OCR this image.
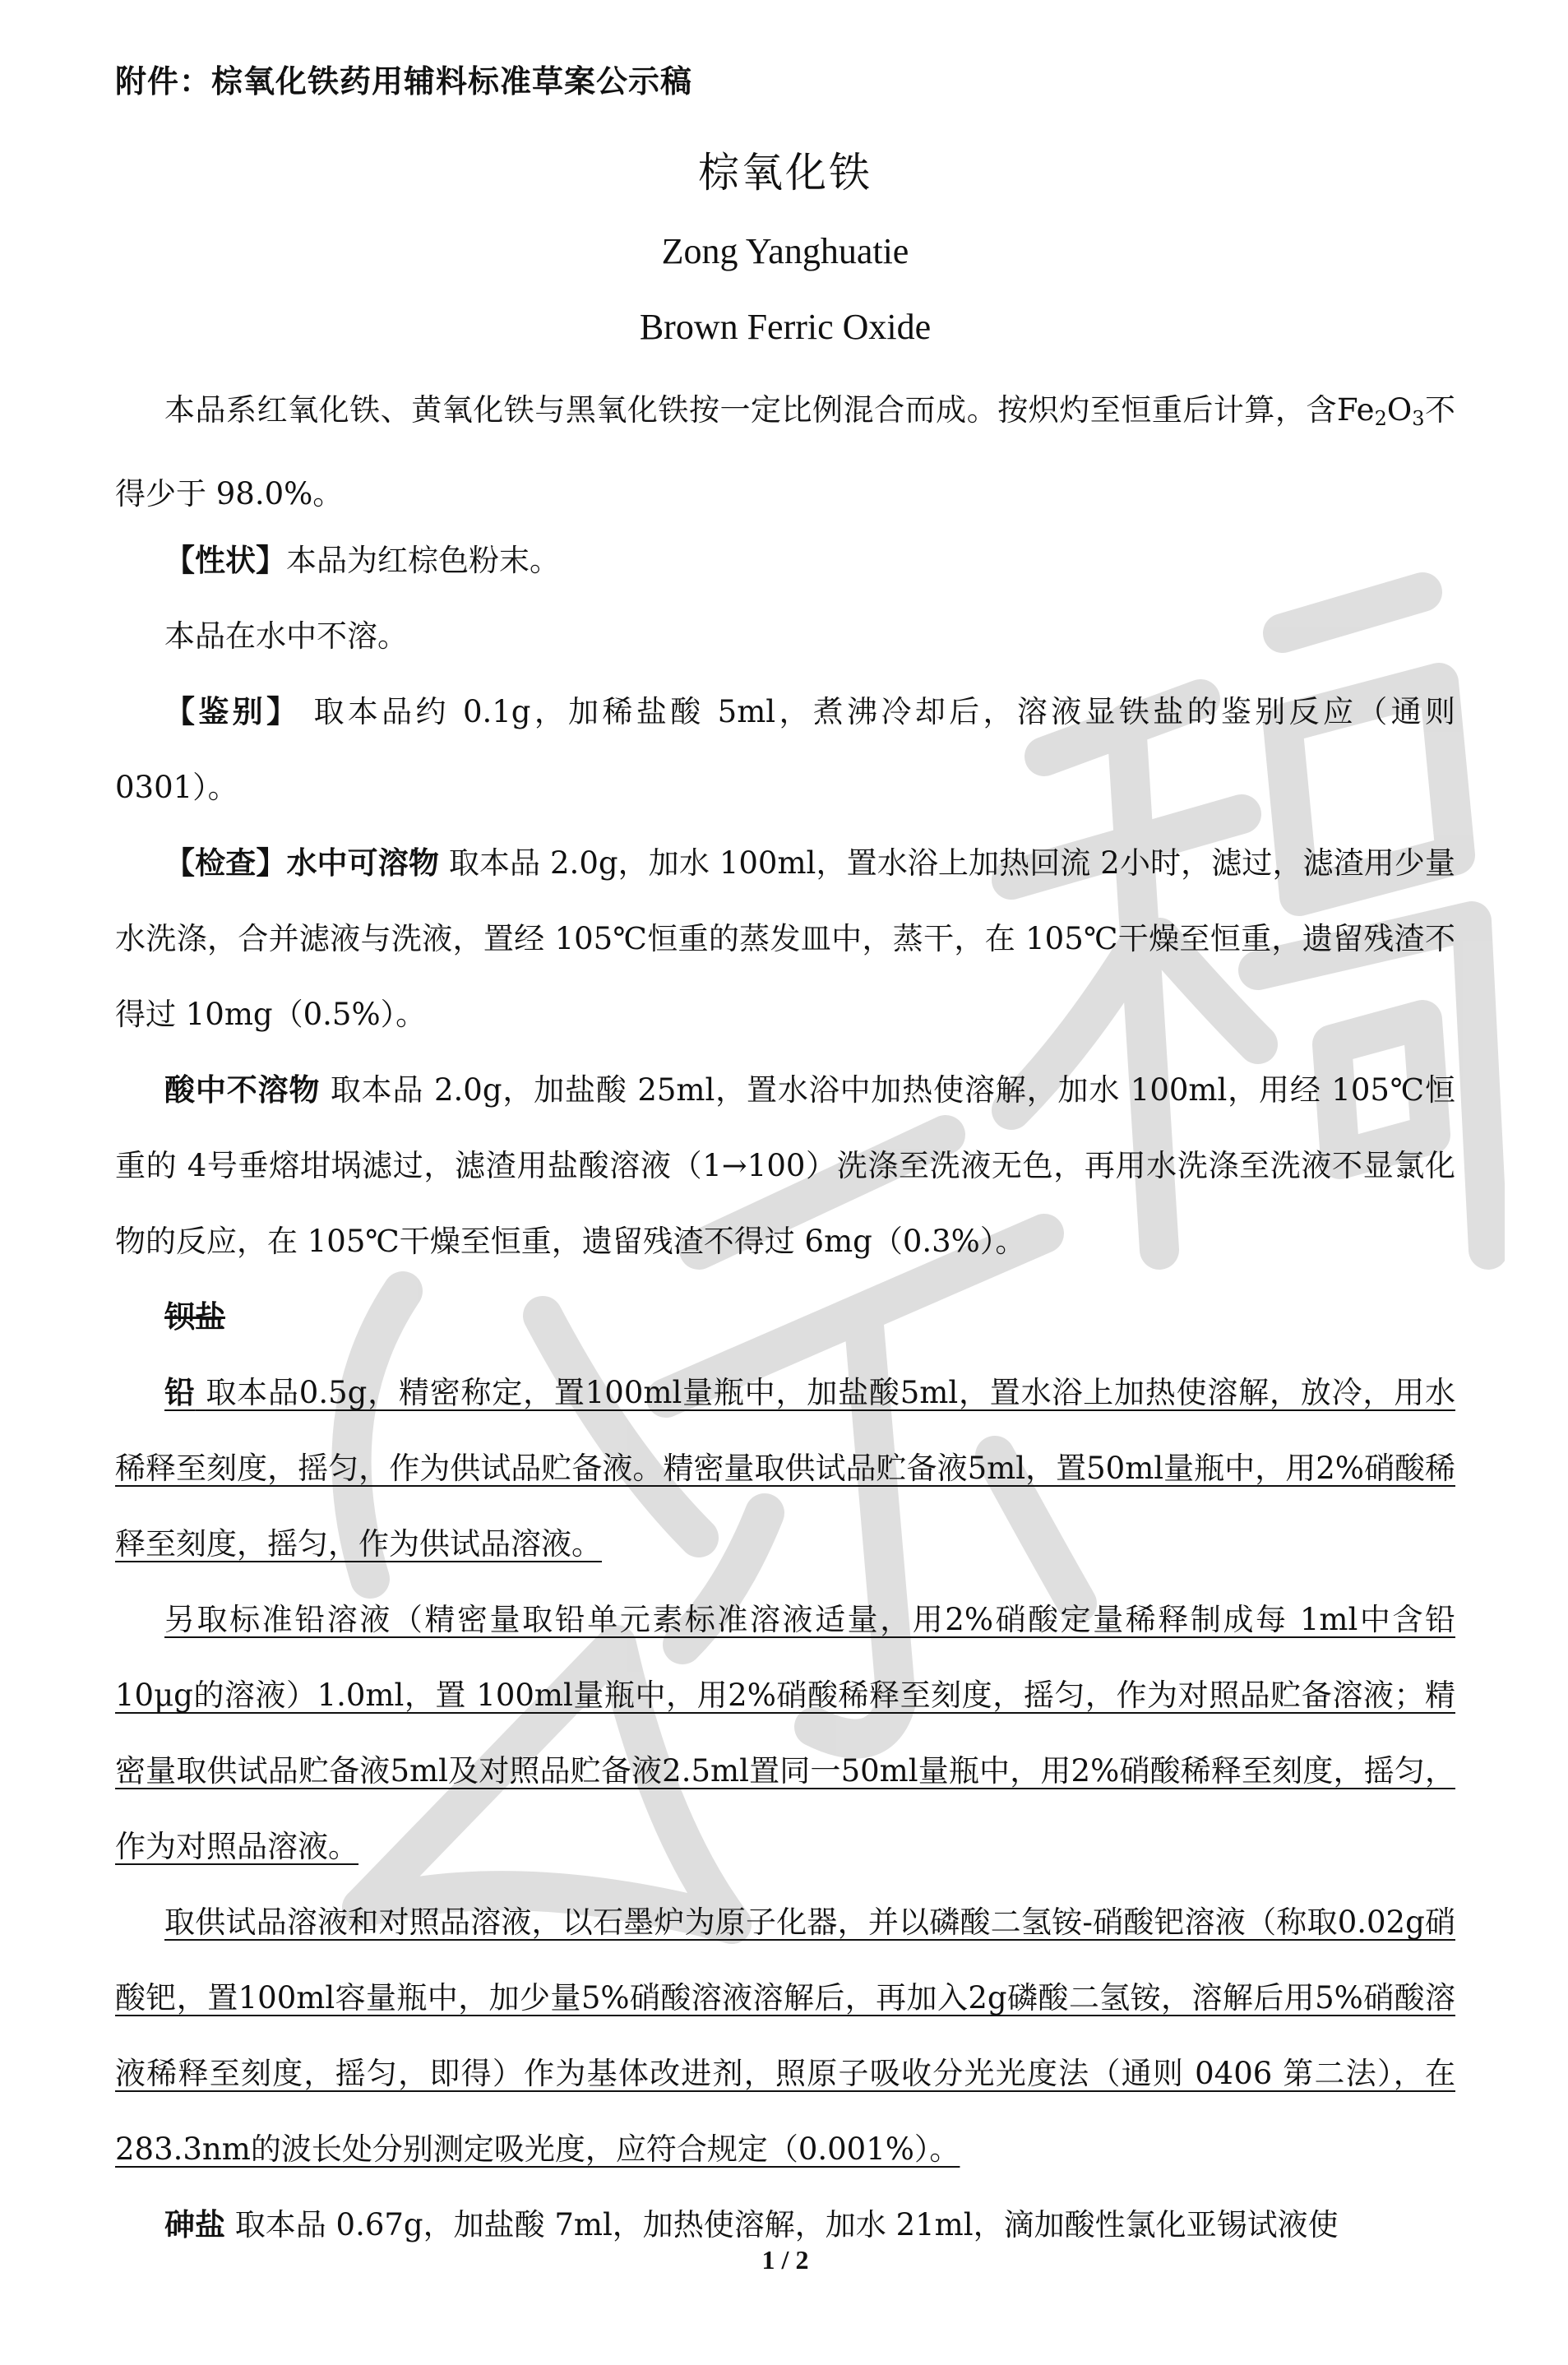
附件：棕氧化铁药用辅料标准草案公示稿
棕氧化铁
Zong Yanghuatie
Brown Ferric Oxide
本品系红氧化铁、黄氧化铁与黑氧化铁按一定比例混合而成。按炽灼至恒重后计算，含$Fe_2O_3$不得少于 98.0%。
【性状】本品为红棕色粉末。
本品在水中不溶。
【鉴别】 取本品约 0.1g，加稀盐酸 5ml，煮沸冷却后，溶液显铁盐的鉴别反应（通则 0301）。
【检查】水中可溶物 取本品 2.0g，加水 100ml，置水浴上加热回流 2小时，滤过，滤渣用少量水洗涤，合并滤液与洗液，置经 105℃恒重的蒸发皿中，蒸干，在 105℃干燥至恒重，遗留残渣不得过 10mg（0.5%）。
酸中不溶物 取本品 2.0g，加盐酸 25ml，置水浴中加热使溶解，加水 100ml，用经 105℃恒重的 4号垂熔坩埚滤过，滤渣用盐酸溶液（1→100）洗涤至洗液无色，再用水洗涤至洗液不显氯化物的反应，在 105℃干燥至恒重，遗留残渣不得过 6mg（0.3%）。
钡盐
铅 取本品0.5g，精密称定，置100ml量瓶中，加盐酸5ml，置水浴上加热使溶解，放冷，用水稀释至刻度，摇匀，作为供试品贮备液。精密量取供试品贮备液5ml，置50ml量瓶中，用2%硝酸稀释至刻度，摇匀，作为供试品溶液。
另取标准铅溶液（精密量取铅单元素标准溶液适量，用2%硝酸定量稀释制成每 1ml中含铅 10μg的溶液）1.0ml，置 100ml量瓶中，用2%硝酸稀释至刻度，摇匀，作为对照品贮备溶液；精密量取供试品贮备液5ml及对照品贮备液2.5ml置同一50ml量瓶中，用2%硝酸稀释至刻度，摇匀，作为对照品溶液。
取供试品溶液和对照品溶液，以石墨炉为原子化器，并以磷酸二氢铵-硝酸钯溶液（称取0.02g硝酸钯，置100ml容量瓶中，加少量5%硝酸溶液溶解后，再加入2g磷酸二氢铵，溶解后用5%硝酸溶液稀释至刻度，摇匀，即得）作为基体改进剂，照原子吸收分光光度法（通则 0406 第二法），在 283.3nm的波长处分别测定吸光度，应符合规定（0.001%）。
砷盐 取本品 0.67g，加盐酸 7ml，加热使溶解，加水 21ml，滴加酸性氯化亚锡试液使
1 / 2
